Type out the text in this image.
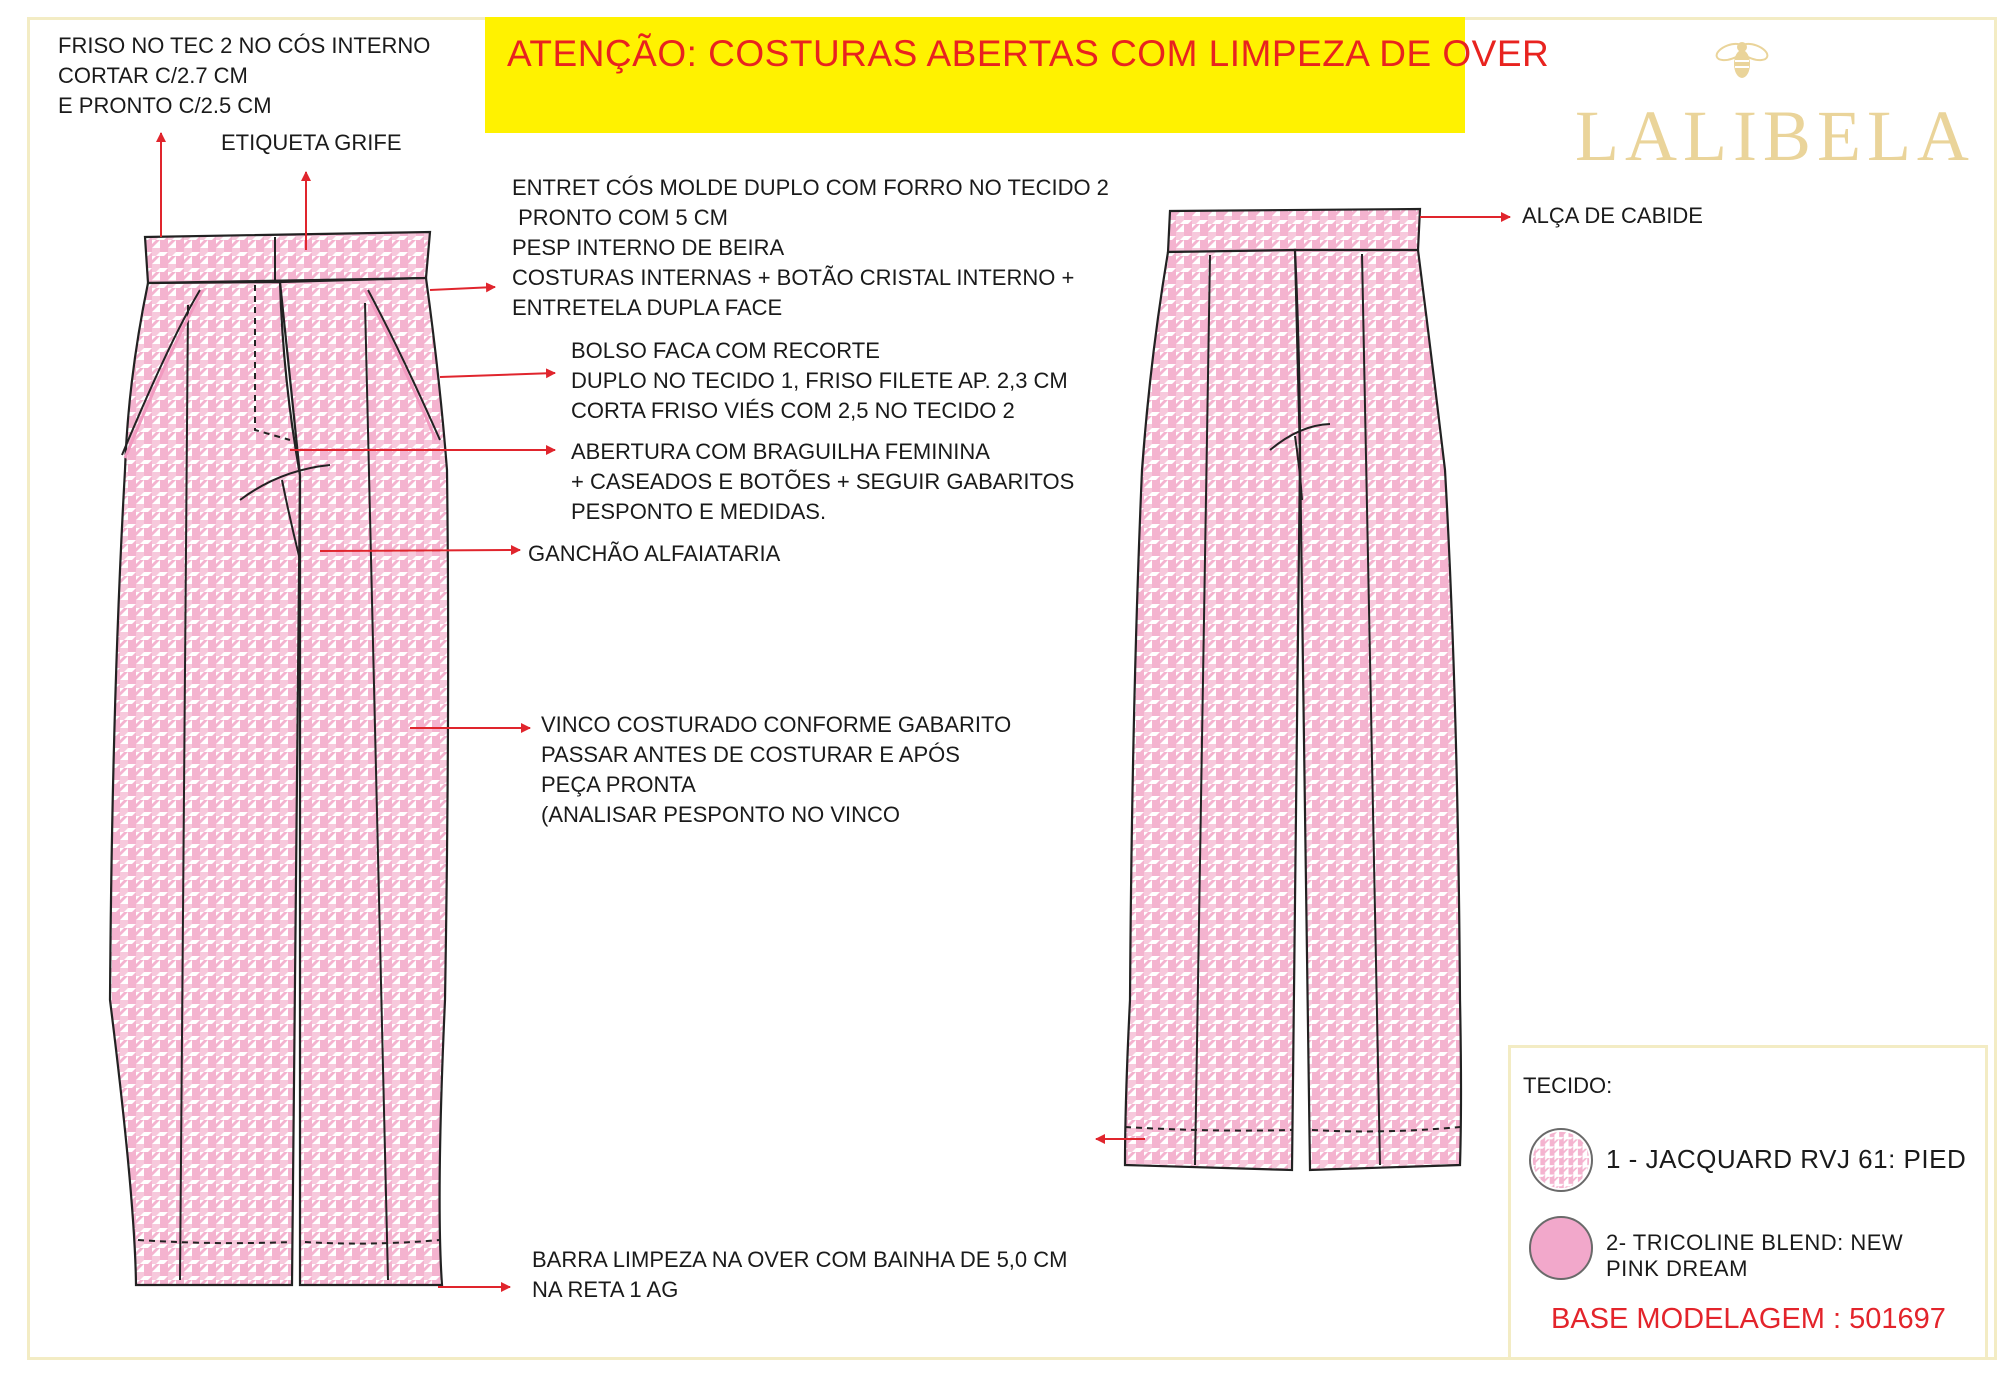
ATENÇÃO: COSTURAS ABERTAS COM LIMPEZA DE OVER
LALIBELA
FRISO NO TEC 2 NO CÓS INTERNO
CORTAR C/2.7 CM
E PRONTO C/2.5 CM
ETIQUETA GRIFE
ENTRET CÓS MOLDE DUPLO COM FORRO NO TECIDO 2
PRONTO COM 5 CM
PESP INTERNO DE BEIRA
COSTURAS INTERNAS + BOTÃO CRISTAL INTERNO +
ENTRETELA DUPLA FACE
BOLSO FACA COM RECORTE
DUPLO NO TECIDO 1, FRISO FILETE AP. 2,3 CM
CORTA FRISO VIÉS COM 2,5 NO TECIDO 2
ABERTURA COM BRAGUILHA FEMININA
+ CASEADOS E BOTÕES + SEGUIR GABARITOS
PESPONTO E MEDIDAS.
GANCHÃO ALFAIATARIA
VINCO COSTURADO CONFORME GABARITO
PASSAR ANTES DE COSTURAR E APÓS
PEÇA PRONTA
(ANALISAR PESPONTO NO VINCO
BARRA LIMPEZA NA OVER COM BAINHA DE 5,0 CM
NA RETA 1 AG
ALÇA DE CABIDE
TECIDO:
1 - JACQUARD RVJ 61: PIED
2- TRICOLINE BLEND: NEW
PINK DREAM
BASE MODELAGEM : 501697
